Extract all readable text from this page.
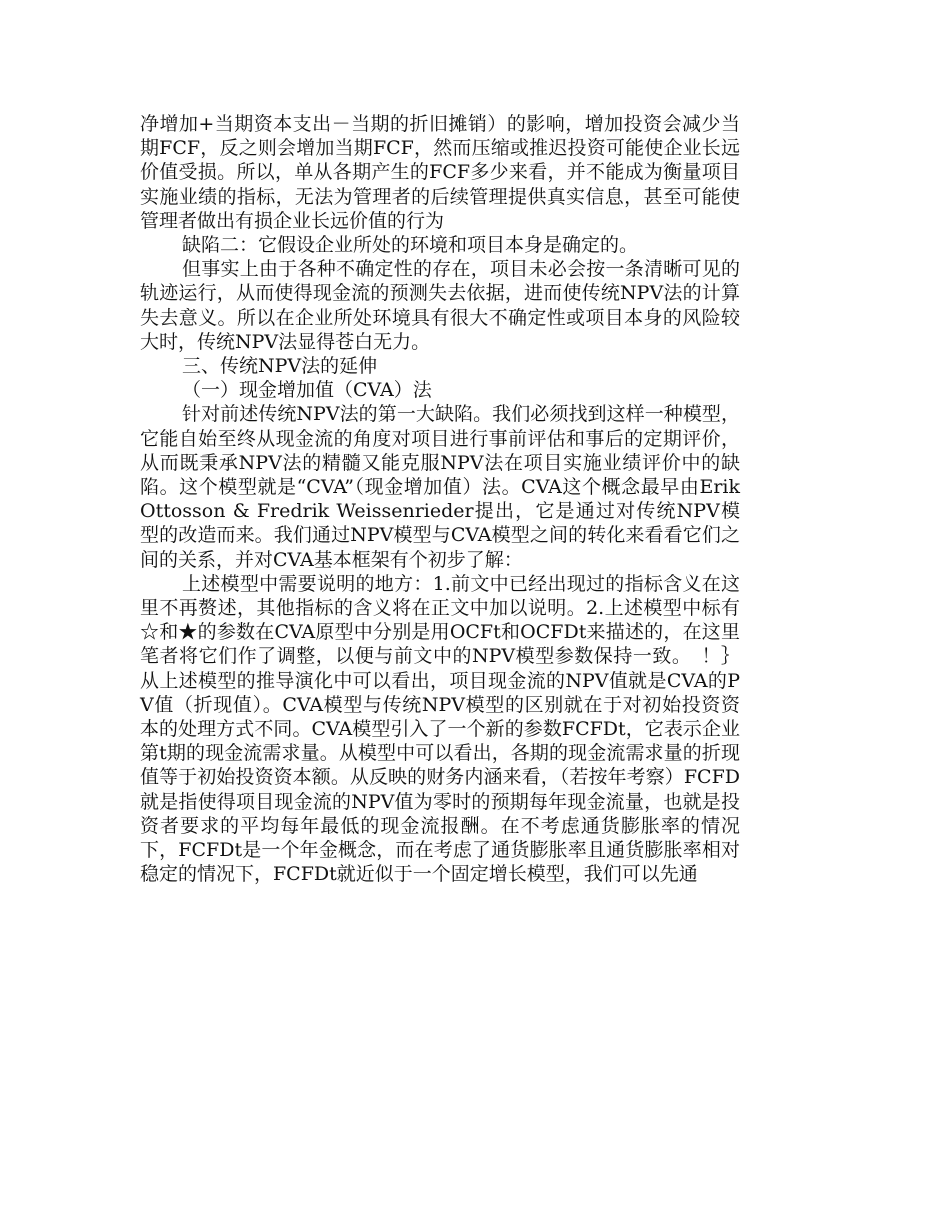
净增加+当期资本支出－当期的折旧摊销）的影响，增加投资会减少当期FCF，反之则会增加当期FCF，然而压缩或推迟投资可能使企业长远价值受损。所以，单从各期产生的FCF多少来看，并不能成为衡量项目实施业绩的指标，无法为管理者的后续管理提供真实信息，甚至可能使管理者做出有损企业长远价值的行为

缺陷二：它假设企业所处的环境和项目本身是确定的。

但事实上由于各种不确定性的存在，项目未必会按一条清晰可见的轨迹运行，从而使得现金流的预测失去依据，进而使传统NPV法的计算失去意义。所以在企业所处环境具有很大不确定性或项目本身的风险较大时，传统NPV法显得苍白无力。

三、传统NPV法的延伸

（一）现金增加值（CVA）法

针对前述传统NPV法的第一大缺陷。我们必须找到这样一种模型，它能自始至终从现金流的角度对项目进行事前评估和事后的定期评价，从而既秉承NPV法的精髓又能克服NPV法在项目实施业绩评价中的缺陷。这个模型就是“CVA”（现金增加值）法。CVA这个概念最早由Erik Ottosson & Fredrik Weissenrieder提出，它是通过对传统NPV模型的改造而来。我们通过NPV模型与CVA模型之间的转化来看看它们之间的关系，并对CVA基本框架有个初步了解：

上述模型中需要说明的地方：1.前文中已经出现过的指标含义在这里不再赘述，其他指标的含义将在正文中加以说明。2.上述模型中标有☆和★的参数在CVA原型中分别是用OCFt和OCFDt来描述的，在这里笔者将它们作了调整，以便与前文中的NPV模型参数保持一致。　！｝从上述模型的推导演化中可以看出，项目现金流的NPV值就是CVA的PV值（折现值）。CVA模型与传统NPV模型的区别就在于对初始投资资本的处理方式不同。CVA模型引入了一个新的参数FCFDt，它表示企业第t期的现金流需求量。从模型中可以看出，各期的现金流需求量的折现值等于初始投资资本额。从反映的财务内涵来看，（若按年考察）FCFD就是指使得项目现金流的NPV值为零时的预期每年现金流量，也就是投资者要求的平均每年最低的现金流报酬。在不考虑通货膨胀率的情况下，FCFDt是一个年金概念，而在考虑了通货膨胀率且通货膨胀率相对稳定的情况下，FCFDt就近似于一个固定增长模型，我们可以先通
